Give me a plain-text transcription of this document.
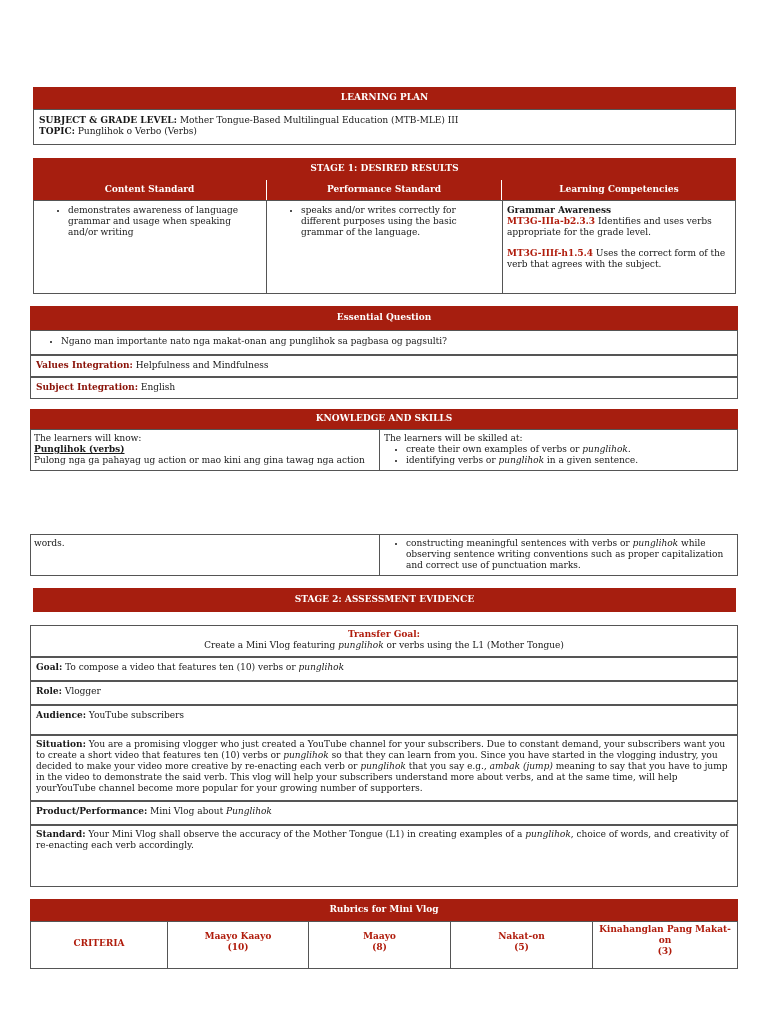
LEARNING PLAN
SUBJECT & GRADE LEVEL: Mother Tongue-Based Multilingual Education (MTB-MLE) III
TOPIC: Punglihok o Verbo (Verbs)
STAGE 1: DESIRED RESULTS
Content Standard	Performance Standard	Learning Competencies
• demonstrates awareness of language grammar and usage when speaking and/or writing
• speaks and/or writes correctly for different purposes using the basic grammar of the language.
Grammar Awareness
MT3G-IIIa-b2.3.3 Identifies and uses verbs appropriate for the grade level.
MT3G-IIIf-h1.5.4 Uses the correct form of the verb that agrees with the subject.
Essential Question
• Ngano man importante nato nga makat-onan ang punglihok sa pagbasa og pagsulti?
Values Integration: Helpfulness and Mindfulness
Subject Integration: English
KNOWLEDGE AND SKILLS
The learners will know:
Punglihok (verbs)
Pulong nga ga pahayag ug action or mao kini ang gina tawag nga action
The learners will be skilled at:
• create their own examples of verbs or punglihok.
• identifying verbs or punglihok in a given sentence.
words.
•	constructing meaningful sentences with verbs or punglihok while observing sentence writing conventions such as proper capitalization and correct use of punctuation marks.
STAGE 2: ASSESSMENT EVIDENCE
Transfer Goal:
Create a Mini Vlog featuring punglihok or verbs using the L1 (Mother Tongue)
Goal: To compose a video that features ten (10) verbs or punglihok
Role: Vlogger
Audience: YouTube subscribers
Situation: You are a promising vlogger who just created a YouTube channel for your subscribers. Due to constant demand, your subscribers want you to create a short video that features ten (10) verbs or punglihok so that they can learn from you. Since you have started in the vlogging industry, you decided to make your video more creative by re-enacting each verb or punglihok that you say e.g., ambak (jump) meaning to say that you have to jump in the video to demonstrate the said verb. This vlog will help your subscribers understand more about verbs, and at the same time, will help yourYouTube channel become more popular for your growing number of supporters.
Product/Performance: Mini Vlog about Punglihok
Standard: Your Mini Vlog shall observe the accuracy of the Mother Tongue (L1) in creating examples of a punglihok, choice of words, and creativity of re-enacting each verb accordingly.
Rubrics for Mini Vlog
CRITERIA
Maayo Kaayo
(10)
Maayo
(8)
Nakat-on
(5)
Kinahanglan Pang Makat-on
(3)
